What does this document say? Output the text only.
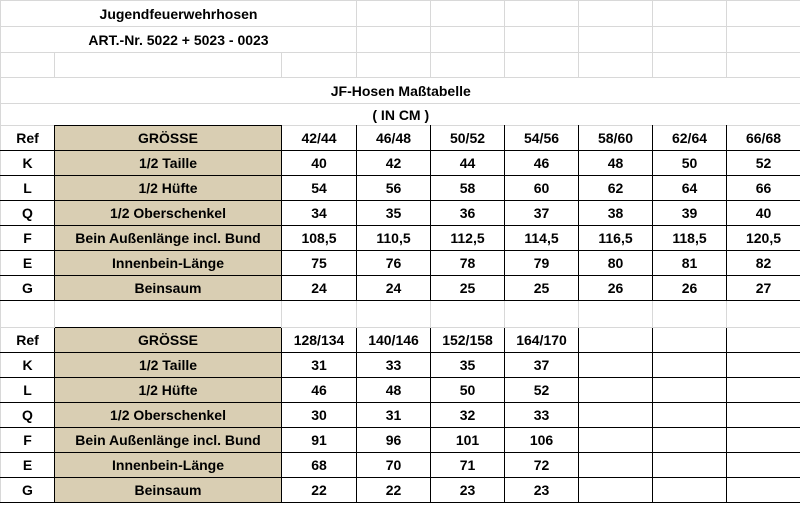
Jugendfeuerwehrhosen								
ART.-Nr. 5022 + 5023 - 0023								

JF-Hosen Maßtabelle								
( IN CM )								
Ref	GRÖSSE	42/44	46/48	50/52	54/56	58/60	62/64	66/68
K	1/2 Taille	40	42	44	46	48	50	52
L	1/2 Hüfte	54	56	58	60	62	64	66
Q	1/2 Oberschenkel	34	35	36	37	38	39	40
F	Bein Außenlänge incl. Bund	108,5	110,5	112,5	114,5	116,5	118,5	120,5
E	Innenbein-Länge	75	76	78	79	80	81	82
G	Beinsaum	24	24	25	25	26	26	27

Ref	GRÖSSE	128/134	140/146	152/158	164/170			
K	1/2 Taille	31	33	35	37			
L	1/2 Hüfte	46	48	50	52			
Q	1/2 Oberschenkel	30	31	32	33			
F	Bein Außenlänge incl. Bund	91	96	101	106			
E	Innenbein-Länge	68	70	71	72			
G	Beinsaum	22	22	23	23			
